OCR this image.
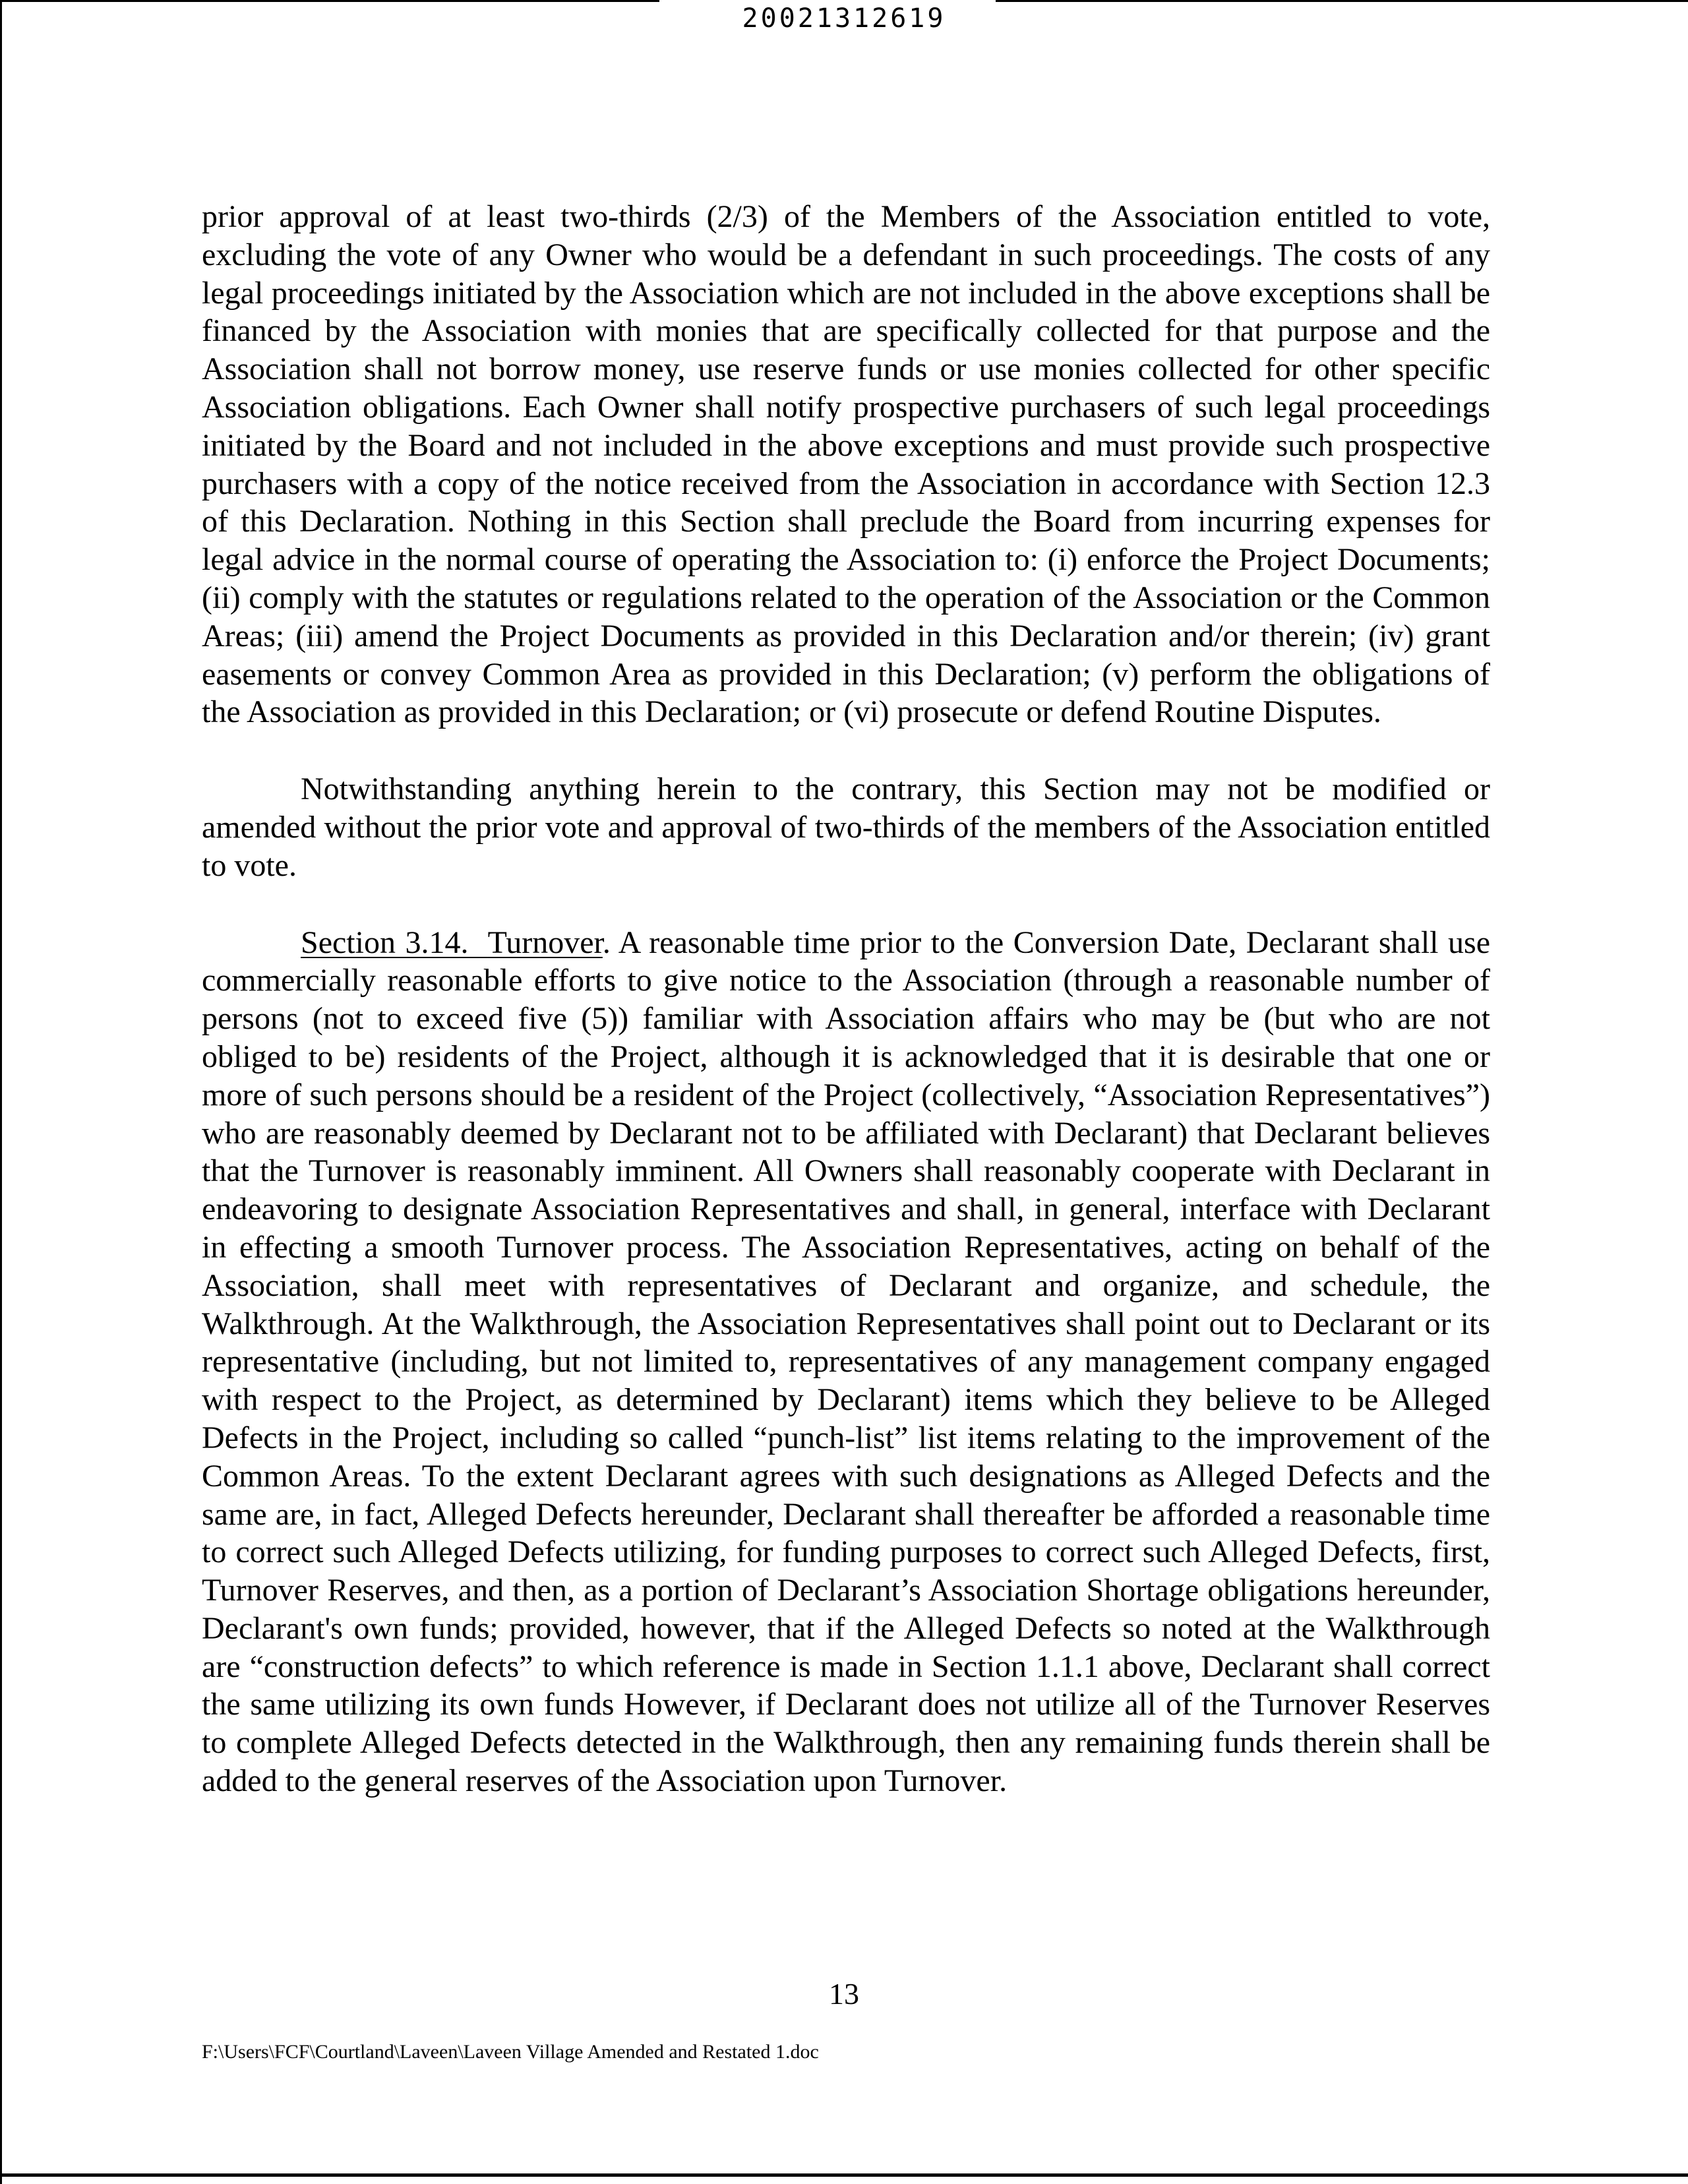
20021312619

prior approval of at least two-thirds (2/3) of the Members of the Association entitled to vote, excluding the vote of any Owner who would be a defendant in such proceedings. The costs of any legal proceedings initiated by the Association which are not included in the above exceptions shall be financed by the Association with monies that are specifically collected for that purpose and the Association shall not borrow money, use reserve funds or use monies collected for other specific Association obligations. Each Owner shall notify prospective purchasers of such legal proceedings initiated by the Board and not included in the above exceptions and must provide such prospective purchasers with a copy of the notice received from the Association in accordance with Section 12.3 of this Declaration. Nothing in this Section shall preclude the Board from incurring expenses for legal advice in the normal course of operating the Association to: (i) enforce the Project Documents; (ii) comply with the statutes or regulations related to the operation of the Association or the Common Areas; (iii) amend the Project Documents as provided in this Declaration and/or therein; (iv) grant easements or convey Common Area as provided in this Declaration; (v) perform the obligations of the Association as provided in this Declaration; or (vi) prosecute or defend Routine Disputes.

Notwithstanding anything herein to the contrary, this Section may not be modified or amended without the prior vote and approval of two-thirds of the members of the Association entitled to vote.

Section 3.14. Turnover. A reasonable time prior to the Conversion Date, Declarant shall use commercially reasonable efforts to give notice to the Association (through a reasonable number of persons (not to exceed five (5)) familiar with Association affairs who may be (but who are not obliged to be) residents of the Project, although it is acknowledged that it is desirable that one or more of such persons should be a resident of the Project (collectively, “Association Representatives”) who are reasonably deemed by Declarant not to be affiliated with Declarant) that Declarant believes that the Turnover is reasonably imminent. All Owners shall reasonably cooperate with Declarant in endeavoring to designate Association Representatives and shall, in general, interface with Declarant in effecting a smooth Turnover process. The Association Representatives, acting on behalf of the Association, shall meet with representatives of Declarant and organize, and schedule, the Walkthrough. At the Walkthrough, the Association Representatives shall point out to Declarant or its representative (including, but not limited to, representatives of any management company engaged with respect to the Project, as determined by Declarant) items which they believe to be Alleged Defects in the Project, including so called “punch-list” list items relating to the improvement of the Common Areas. To the extent Declarant agrees with such designations as Alleged Defects and the same are, in fact, Alleged Defects hereunder, Declarant shall thereafter be afforded a reasonable time to correct such Alleged Defects utilizing, for funding purposes to correct such Alleged Defects, first, Turnover Reserves, and then, as a portion of Declarant’s Association Shortage obligations hereunder, Declarant's own funds; provided, however, that if the Alleged Defects so noted at the Walkthrough are “construction defects” to which reference is made in Section 1.1.1 above, Declarant shall correct the same utilizing its own funds However, if Declarant does not utilize all of the Turnover Reserves to complete Alleged Defects detected in the Walkthrough, then any remaining funds therein shall be added to the general reserves of the Association upon Turnover.

13
F:\Users\FCF\Courtland\Laveen\Laveen Village Amended and Restated 1.doc
